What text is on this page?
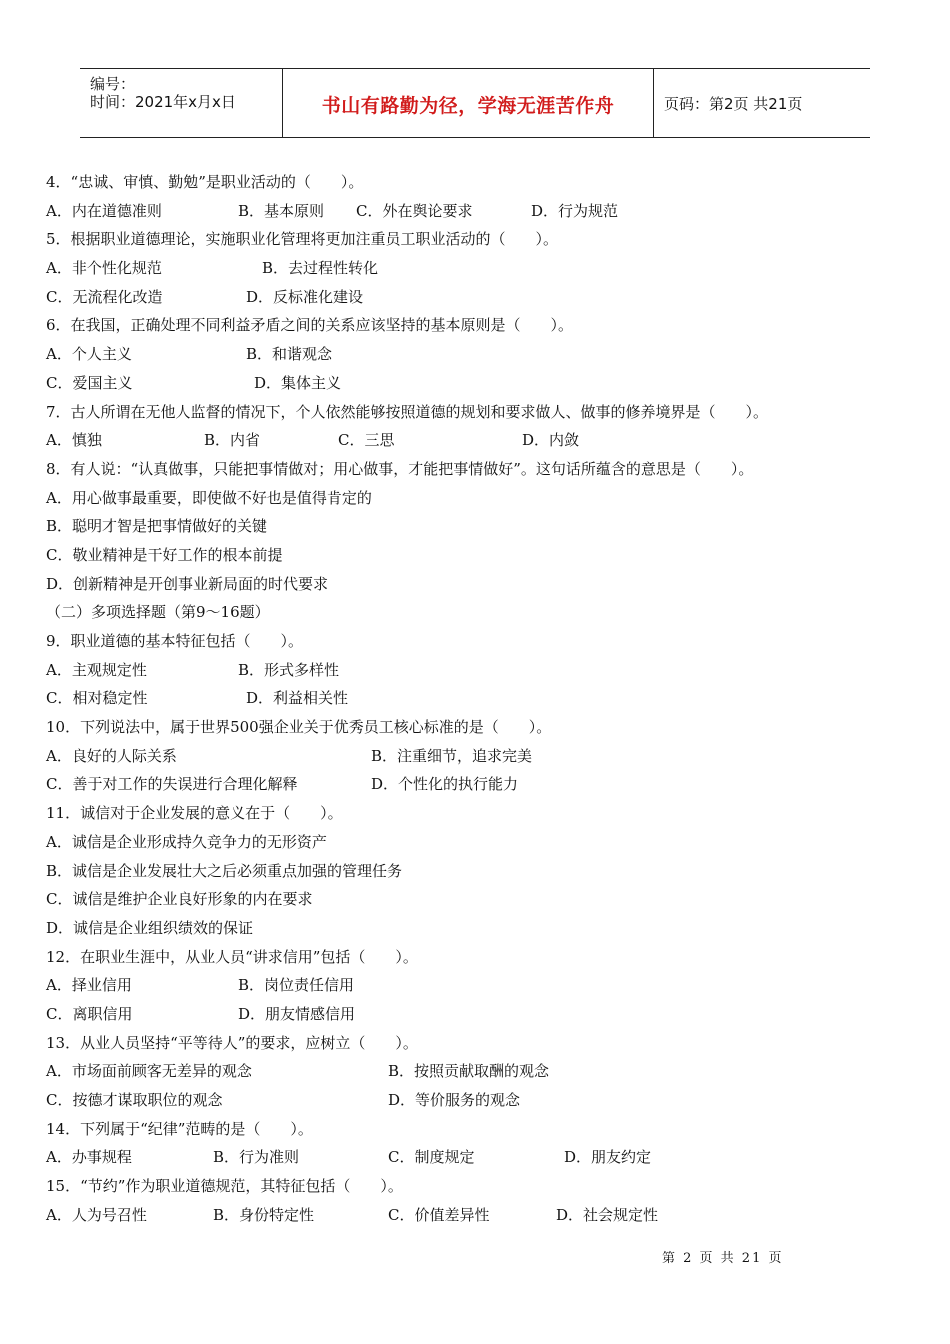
编号：
时间：2021年x月x日	书山有路勤为径，学海无涯苦作舟	页码：第2页 共21页
4．“忠诚、审慎、勤勉”是职业活动的（　　）。
A．内在道德准则	B．基本原则 C．外在舆论要求	D．行为规范
5．根据职业道德理论，实施职业化管理将更加注重员工职业活动的（　　）。
A．非个性化规范	B．去过程性转化
C．无流程化改造	D．反标准化建设
6．在我国，正确处理不同利益矛盾之间的关系应该坚持的基本原则是（　　）。
A．个人主义	B．和谐观念
C．爱国主义	D．集体主义
7．古人所谓在无他人监督的情况下，个人依然能够按照道德的规划和要求做人、做事的修养境界是（　　）。
A．慎独	B．内省	C．三思	D．内敛
8．有人说：“认真做事，只能把事情做对；用心做事，才能把事情做好”。这句话所蕴含的意思是（　　）。
A．用心做事最重要，即使做不好也是值得肯定的
B．聪明才智是把事情做好的关键
C．敬业精神是干好工作的根本前提
D．创新精神是开创事业新局面的时代要求
（二）多项选择题（第9～16题）
9．职业道德的基本特征包括（　　）。
A．主观规定性	B．形式多样性
C．相对稳定性	D．利益相关性
10．下列说法中，属于世界500强企业关于优秀员工核心标准的是（　　）。
A．良好的人际关系	B．注重细节，追求完美
C．善于对工作的失误进行合理化解释	D．个性化的执行能力
11．诚信对于企业发展的意义在于（　　）。
A．诚信是企业形成持久竞争力的无形资产
B．诚信是企业发展壮大之后必须重点加强的管理任务
C．诚信是维护企业良好形象的内在要求
D．诚信是企业组织绩效的保证
12．在职业生涯中，从业人员“讲求信用”包括（　　）。
A．择业信用	B．岗位责任信用
C．离职信用	D．朋友情感信用
13．从业人员坚持“平等待人”的要求，应树立（　　）。
A．市场面前顾客无差异的观念	B．按照贡献取酬的观念
C．按德才谋取职位的观念	D．等价服务的观念
14．下列属于“纪律”范畴的是（　　）。
A．办事规程	B．行为准则	C．制度规定	D．朋友约定
15．“节约”作为职业道德规范，其特征包括（　　）。
A．人为号召性	B．身份特定性	C．价值差异性	D．社会规定性
第 2 页 共 21 页
